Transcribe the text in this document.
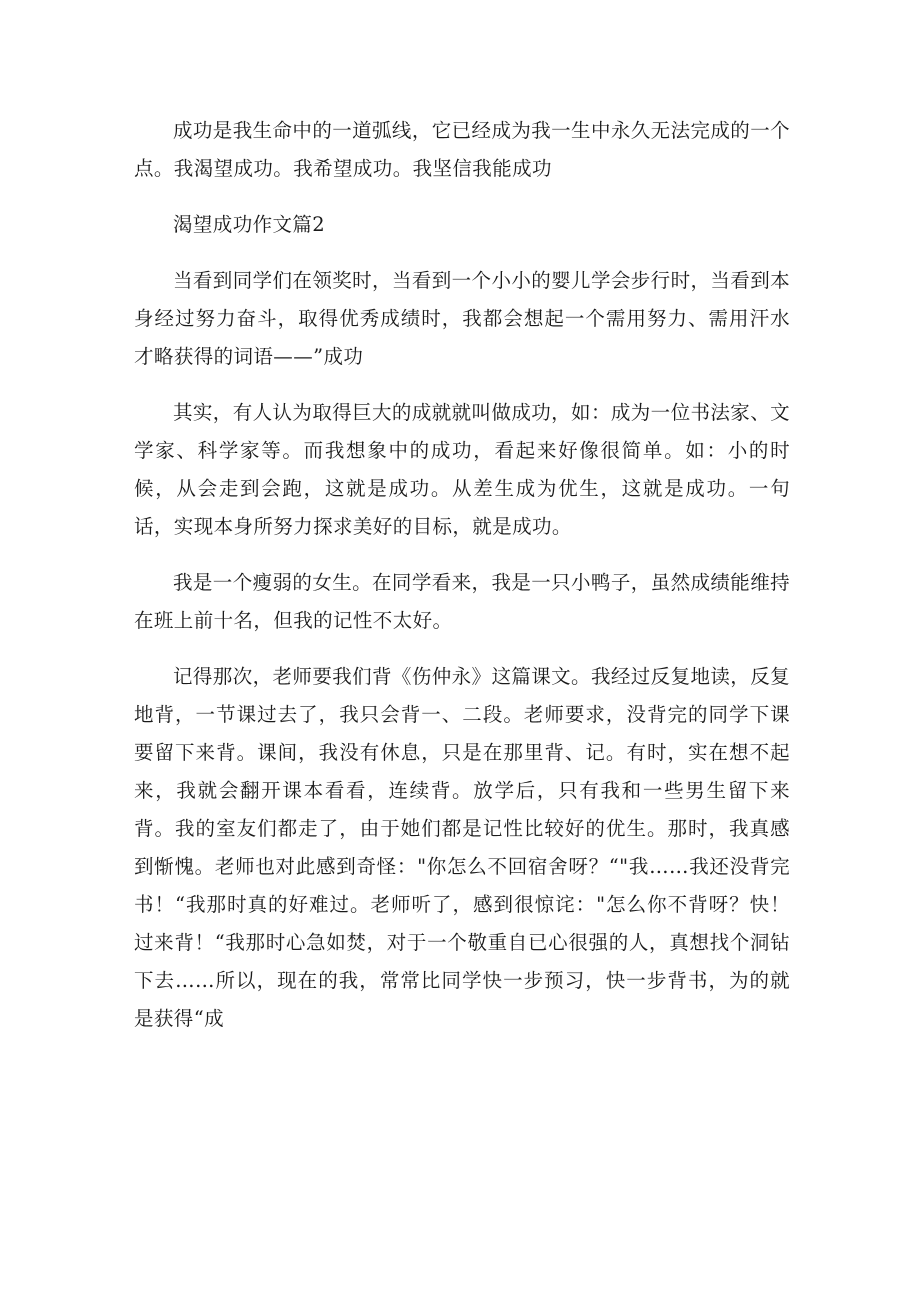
成功是我生命中的一道弧线，它已经成为我一生中永久无法完成的一个点。我渴望成功。我希望成功。我坚信我能成功

渴望成功作文篇2

当看到同学们在领奖时，当看到一个小小的婴儿学会步行时，当看到本身经过努力奋斗，取得优秀成绩时，我都会想起一个需用努力、需用汗水才略获得的词语——”成功

其实，有人认为取得巨大的成就就叫做成功，如：成为一位书法家、文学家、科学家等。而我想象中的成功，看起来好像很简单。如：小的时候，从会走到会跑，这就是成功。从差生成为优生，这就是成功。一句话，实现本身所努力探求美好的目标，就是成功。

我是一个瘦弱的女生。在同学看来，我是一只小鸭子，虽然成绩能维持在班上前十名，但我的记性不太好。

记得那次，老师要我们背《伤仲永》这篇课文。我经过反复地读，反复地背，一节课过去了，我只会背一、二段。老师要求，没背完的同学下课要留下来背。课间，我没有休息，只是在那里背、记。有时，实在想不起来，我就会翻开课本看看，连续背。放学后，只有我和一些男生留下来背。我的室友们都走了，由于她们都是记性比较好的优生。那时，我真感到惭愧。老师也对此感到奇怪："你怎么不回宿舍呀？“"我……我还没背完书！“我那时真的好难过。老师听了，感到很惊诧："怎么你不背呀？快！过来背！“我那时心急如焚，对于一个敬重自已心很强的人，真想找个洞钻下去……所以，现在的我，常常比同学快一步预习，快一步背书，为的就是获得“成
